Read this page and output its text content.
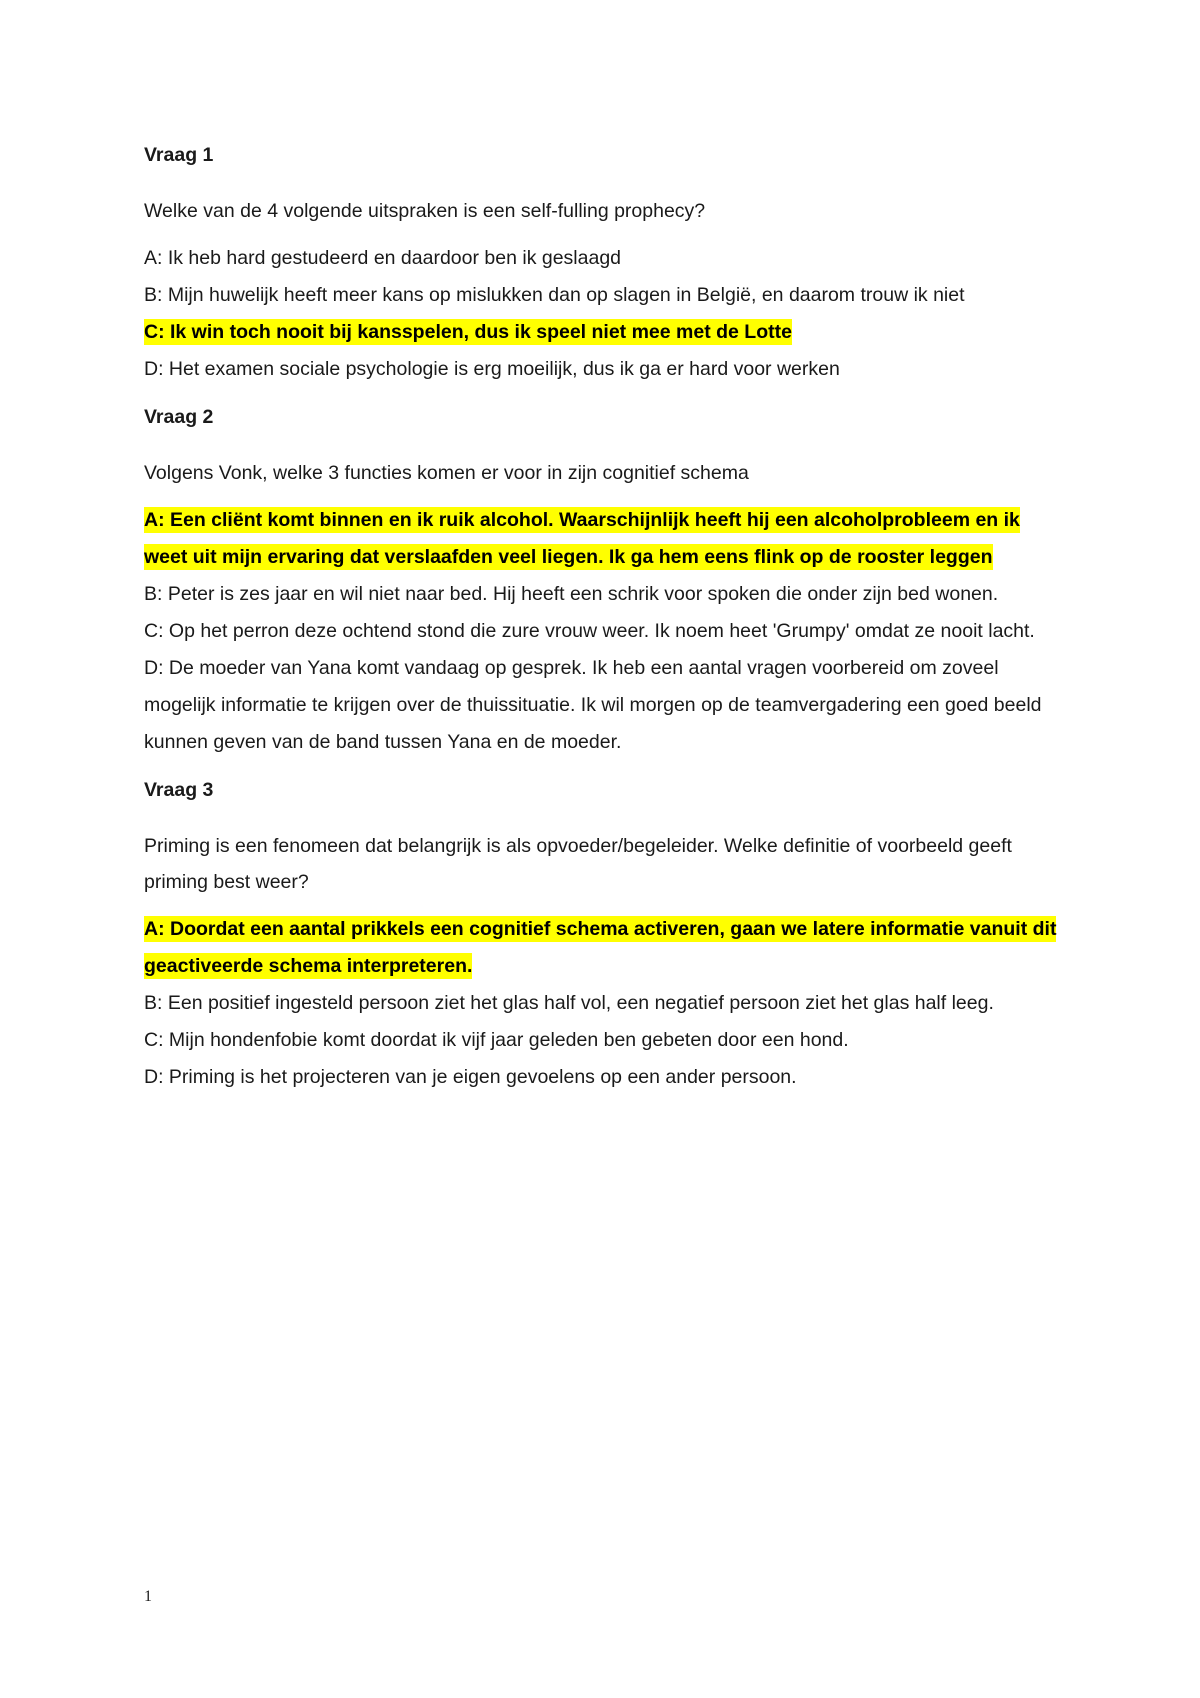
Vraag 1

Welke van de 4 volgende uitspraken is een self-fulling prophecy?

A: Ik heb hard gestudeerd en daardoor ben ik geslaagd

B: Mijn huwelijk heeft meer kans op mislukken dan op slagen in België, en daarom trouw ik niet

C: Ik win toch nooit bij kansspelen, dus ik speel niet mee met de Lotte

D: Het examen sociale psychologie is erg moeilijk, dus ik ga er hard voor werken

Vraag 2

Volgens Vonk, welke 3 functies komen er voor in zijn cognitief schema

A: Een cliënt komt binnen en ik ruik alcohol. Waarschijnlijk heeft hij een alcoholprobleem en ik weet uit mijn ervaring dat verslaafden veel liegen. Ik ga hem eens flink op de rooster leggen

B: Peter is zes jaar en wil niet naar bed. Hij heeft een schrik voor spoken die onder zijn bed wonen.

C: Op het perron deze ochtend stond die zure vrouw weer. Ik noem heet 'Grumpy' omdat ze nooit lacht.

D: De moeder van Yana komt vandaag op gesprek. Ik heb een aantal vragen voorbereid om zoveel mogelijk informatie te krijgen over de thuissituatie. Ik wil morgen op de teamvergadering een goed beeld kunnen geven van de band tussen Yana en de moeder.

Vraag 3

Priming is een fenomeen dat belangrijk is als opvoeder/begeleider. Welke definitie of voorbeeld geeft priming best weer?

A: Doordat een aantal prikkels een cognitief schema activeren, gaan we latere informatie vanuit dit geactiveerde schema interpreteren.

B: Een positief ingesteld persoon ziet het glas half vol, een negatief persoon ziet het glas half leeg.

C: Mijn hondenfobie komt doordat ik vijf jaar geleden ben gebeten door een hond.

D: Priming is het projecteren van je eigen gevoelens op een ander persoon.

1
